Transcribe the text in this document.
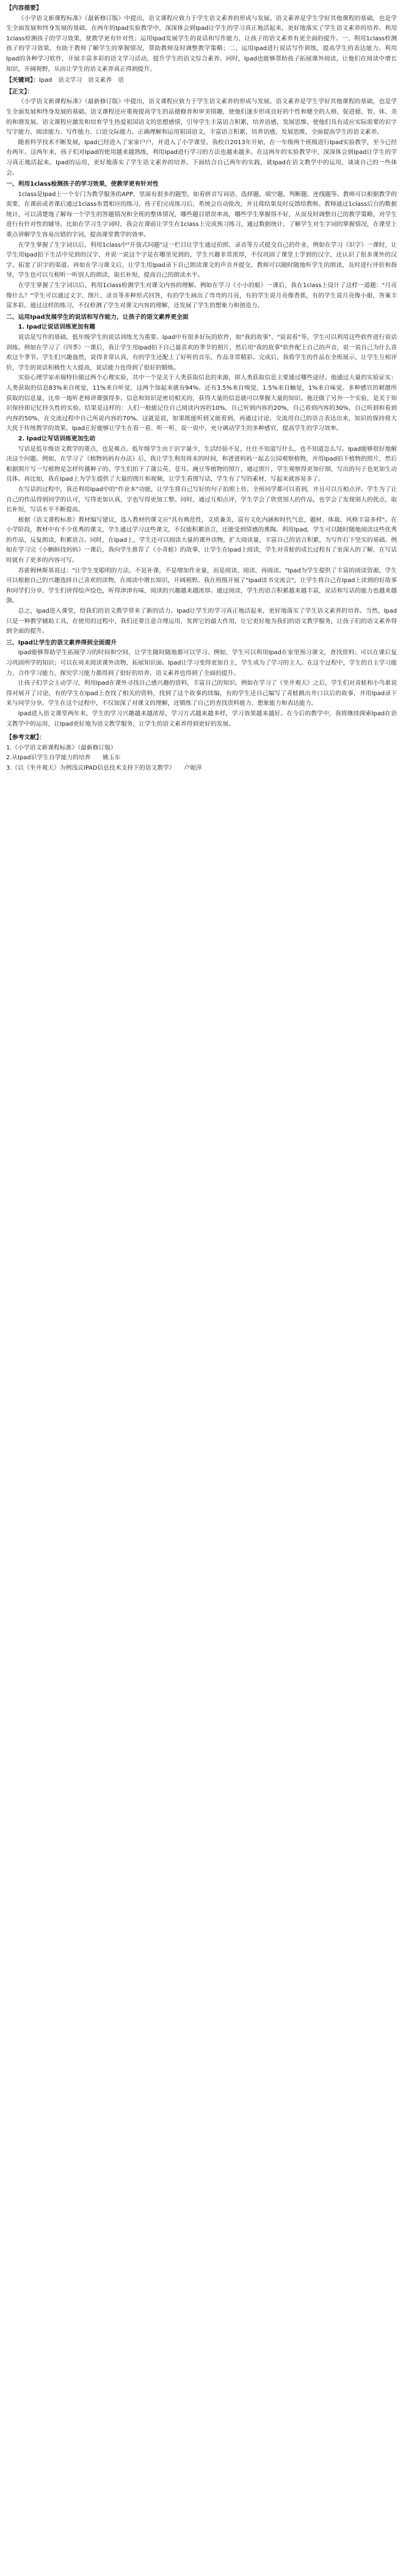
【内容提要】

《小学语文新课程标准》（最新修订版）中提出，语文课程应致力于学生语文素养的形成与发展。语文素养是学生学好其他课程的基础，也是学生全面发展和终身发展的基础。在两年的Ipad实验教学中，深深体会到Ipad让学生的学习真正地活起来，更好地落实了学生语文素养的培养。利用1class检测孩子的学习效果，使教学更有针对性；运用Ipad发展学生的说话和写作能力，让孩子的语文素养有更全面的提升。一、利用1class检测孩子的学习效果，有助于教师了解学生的掌握情况，帮助教师及时调整教学策略；二、运用Ipad进行说话写作训练，提高学生的表达能力。利用Ipad的各种学习软件，开展丰富多彩的语文学习活动，提升学生的语文综合素养。同时，Ipad也能够帮助孩子拓展课外阅读，让他们在阅读中增长知识，开阔视野，从而让学生的语文素养真正得到提升。

【关键词】：Ipad　语文学习　语文素养　语
【正文】：

《小学语文新课程标准》（最新修订版）中提出，语文课程应致力于学生语文素养的形成与发展。语文素养是学生学好其他课程的基础，也是学生全面发展和终身发展的基础。语文课程还应重视提高学生的品德修养和审美情趣，使他们逐步形成良好的个性和健全的人格，促进德、智、体、美的和谐发展。语文课程应激发和培育学生热爱祖国语文的思想感情，引导学生丰富语言积累，培养语感，发展思维，使他们具有适应实际需要的识字写字能力、阅读能力、写作能力、口语交际能力。正确理解和运用祖国语文，丰富语言积累，培养语感，发展思维，全面提高学生的语文素养。

随着科学技术不断发展，Ipad已经进入了家家户户，并进入了小学课堂。我校自2013年开始，在一年级两个班级进行Ipad实验教学，至今已经有两年。这两年来，孩子们对Ipad的使用越来越熟练，利用Ipad进行学习的方法也越来越多。在这两年的实验教学中，深深体会到Ipad让学生的学习真正地活起来。Ipad的运用，更好地落实了学生语文素养的培养。下面结合自己两年的实践，就Ipad在语文教学中的运用，谈谈自己的一些体会。

一、利用1class检测孩子的学习效果，使教学更有针对性

1class是Ipad上一个专门为教学服务的APP，里面有很多的题型，如看拼音写词语、选择题、填空题、判断题、连线题等。教师可以根据教学的需要，在课前或者课后通过1class布置相应的练习，孩子们完成练习后，系统会自动批改，并且将结果及时反馈给教师。教师通过1class后台的数据统计，可以清楚地了解每一个学生的答题情况和全班的整体情况，哪些题目错误率高，哪些学生掌握得不好，从而及时调整自己的教学策略，对学生进行有针对性的辅导。比如在学习生字词时，我会在课前让学生在1class上完成预习练习，通过数据统计，了解学生对生字词的掌握情况，在课堂上重点讲解学生容易出错的字词，提高课堂教学的效率。

在学生掌握了生字词以后，利用1class中"开放式问题"这一栏目让学生通过拍照、录音等方式提交自己的作业，例如在学习《识字》一课时，让学生用Ipad拍下生活中见到的汉字，并说一说这个字是在哪里见到的，学生兴趣非常浓厚，不仅巩固了课堂上学到的汉字，还认识了很多课外的汉字，拓宽了识字的渠道。再如在学习课文后，让学生用Ipad录下自己朗读课文的声音并提交，教师可以随时随地听学生的朗读，及时进行评价和指导，学生也可以互相听一听别人的朗读，取长补短，提高自己的朗读水平。

在学生掌握了生字词以后，利用1class检测学生对课文内容的理解。例如在学习《小小的船》一课后，我在1class上设计了这样一道题："月亮像什么？"学生可以通过文字、图片、录音等多种形式回答，有的学生画出了弯弯的月亮，有的学生说月亮像香蕉，有的学生说月亮像小船，答案丰富多彩。通过这样的练习，不仅检测了学生对课文内容的理解，还发展了学生的想象力和创造力。

二、运用Ipad发展学生的说话和写作能力，让孩子的语文素养更全面
1. Ipad让说话训练更加有趣

说话是写作的基础，低年级学生的说话训练尤为重要。Ipad中有很多好玩的软件，如"我的故事"、"说说看"等，学生可以利用这些软件进行说话训练。例如在学习了《四季》一课后，我让学生用Ipad拍下自己最喜欢的季节的照片，然后用"我的故事"软件配上自己的声音，说一说自己为什么喜欢这个季节。学生们兴趣盎然，说得非常认真，有的学生还配上了好听的音乐，作品非常精彩。完成后，我将学生的作品在全班展示，让学生互相评价，学生的说话积极性大大提高，说话能力也得到了很好的锻炼。

实验心理学家赤瑞特拉做过两个心理实验，其中一个是关于人类获取信息的来源，即人类获取信息主要通过哪些途径。他通过大量的实验证实：人类获取的信息83%来自视觉，11%来自听觉，这两个加起来就有94%。还有3.5%来自嗅觉，1.5%来自触觉，1%来自味觉。多种感官的刺激所获取的信息量，比单一地听老师讲课强得多。信息和知识是密切相关的，获得大量的信息就可以掌握大量的知识。他还做了另外一个实验，是关于知识保持即记忆持久性的实验。结果是这样的：人们一般能记住自己阅读内容的10%，自己听到内容的20%，自己看到内容的30%，自己听到和看到内容的50%，在交流过程中自己所说内容的70%。这就是说，如果既能听到又能看到，再通过讨论、交流用自己的语言表达出来，知识的保持将大大优于传统教学的效果。Ipad正好能够让学生在看一看、听一听、说一说中，充分调动学生的多种感官，提高学生的学习效率。

2. Ipad让写话训练更加生动

写话是低年级语文教学的重点，也是难点。低年级学生由于识字量少，生活经验不足，往往不知道写什么，也不知道怎么写。Ipad能够很好地解决这个问题。例如，在学习了《植物妈妈有办法》后，我让学生利用周末的时间，和爸爸妈妈一起去公园观察植物，并用Ipad拍下植物的照片，然后根据照片写一写植物是怎样传播种子的。学生们拍下了蒲公英、苍耳、豌豆等植物的照片，通过照片，学生观察得更加仔细，写出的句子也更加生动具体。再比如，我在Ipad上为学生提供了大量的图片和视频，让学生看图写话，学生有了写的素材，写起来就容易多了。

在写话的过程中，我还利用Ipad中的"作业本"功能，让学生将自己写好的句子拍照上传，全班同学都可以看到，并且可以互相点评。学生为了让自己的作品得到同学的认可，写得更加认真，字也写得更加工整。同时，通过互相点评，学生学会了欣赏别人的作品，也学会了发现别人的优点，取长补短，写话水平不断提高。

根据《语文课程标准》教材编写建议，选入教材的课文应"具有典范性，文质兼美，富有文化内涵和时代气息，题材、体裁、风格丰富多样"。在小学阶段，教材中有不少优秀的课文，学生通过学习这些课文，不仅能积累语言，还能受到情感的熏陶。利用Ipad，学生可以随时随地阅读这些优秀的作品，反复朗读，积累语言。同时，在Ipad上，学生还可以阅读大量的课外读物，扩大阅读量，丰富自己的语言积累，为写作打下坚实的基础。例如在学习完《小蝌蚪找妈妈》一课后，我向学生推荐了《小青蛙》的故事，让学生在Ipad上阅读，学生对青蛙的成长过程有了更深入的了解，在写话时就有了更多的内容可写。

苏霍姆林斯基说过："让学生变聪明的方法，不是补课，不是增加作业量，而是阅读、阅读、再阅读。"Ipad为学生提供了丰富的阅读资源，学生可以根据自己的兴趣选择自己喜欢的读物，在阅读中增长知识，开阔视野。我在班级开展了"Ipad读书交流会"，让学生将自己在Ipad上读到的好故事和同学们分享，学生们讲得绘声绘色，听得津津有味，阅读的兴趣越来越浓厚。通过阅读，学生的语言积累越来越丰富，说话和写话的能力也越来越强。

总之，Ipad进入课堂，给我们的语文教学带来了新的活力。Ipad让学生的学习真正地活起来，更好地落实了学生语文素养的培养。当然，Ipad只是一种教学辅助工具，在使用的过程中，我们还要注意合理运用，发挥它的最大作用，让它更好地为我们的语文教学服务，让孩子们的语文素养得到全面的提升。

三、Ipad让学生的语文素养得到全面提升

Ipad能够帮助学生拓展学习的时间和空间，让学生随时随地都可以学习。例如，学生可以利用Ipad在家里预习课文，查找资料；可以在课后复习巩固所学的知识；可以在周末阅读课外读物，拓展知识面。Ipad让学习变得更加自主，学生成为了学习的主人。在这个过程中，学生的自主学习能力、合作学习能力、探究学习能力都得到了很好的培养，语文素养也得到了全面的提升。

让孩子们学会主动学习，利用Ipad在课外寻找自己感兴趣的资料，丰富自己的知识。例如在学习了《坐井观天》之后，学生们对青蛙和小鸟谁说得对展开了讨论，有的学生在Ipad上查找了相关的资料，找到了这个故事的续编，有的学生还自己编写了青蛙跳出井口以后的故事，并用Ipad录下来与同学分享。学生在这个过程中，不仅加深了对课文的理解，还锻炼了自己的查找资料能力、想象能力和表达能力。

Ipad进入语文课堂两年来，学生的学习兴趣越来越浓厚，学习方式越来越多样，学习效果越来越好。在今后的教学中，我将继续探索Ipad在语文教学中的运用，让Ipad更好地为语文教学服务，让学生的语文素养得到更好的发展。

【参考文献】：
1.《小学语文新课程标准》（最新修订版）
2.从Ipad识学生自学能力的培养　　姚玉东
3.《以《坐井观天》为例浅议IPAD信息技术支持下的语文教学》　　卢妮萍
